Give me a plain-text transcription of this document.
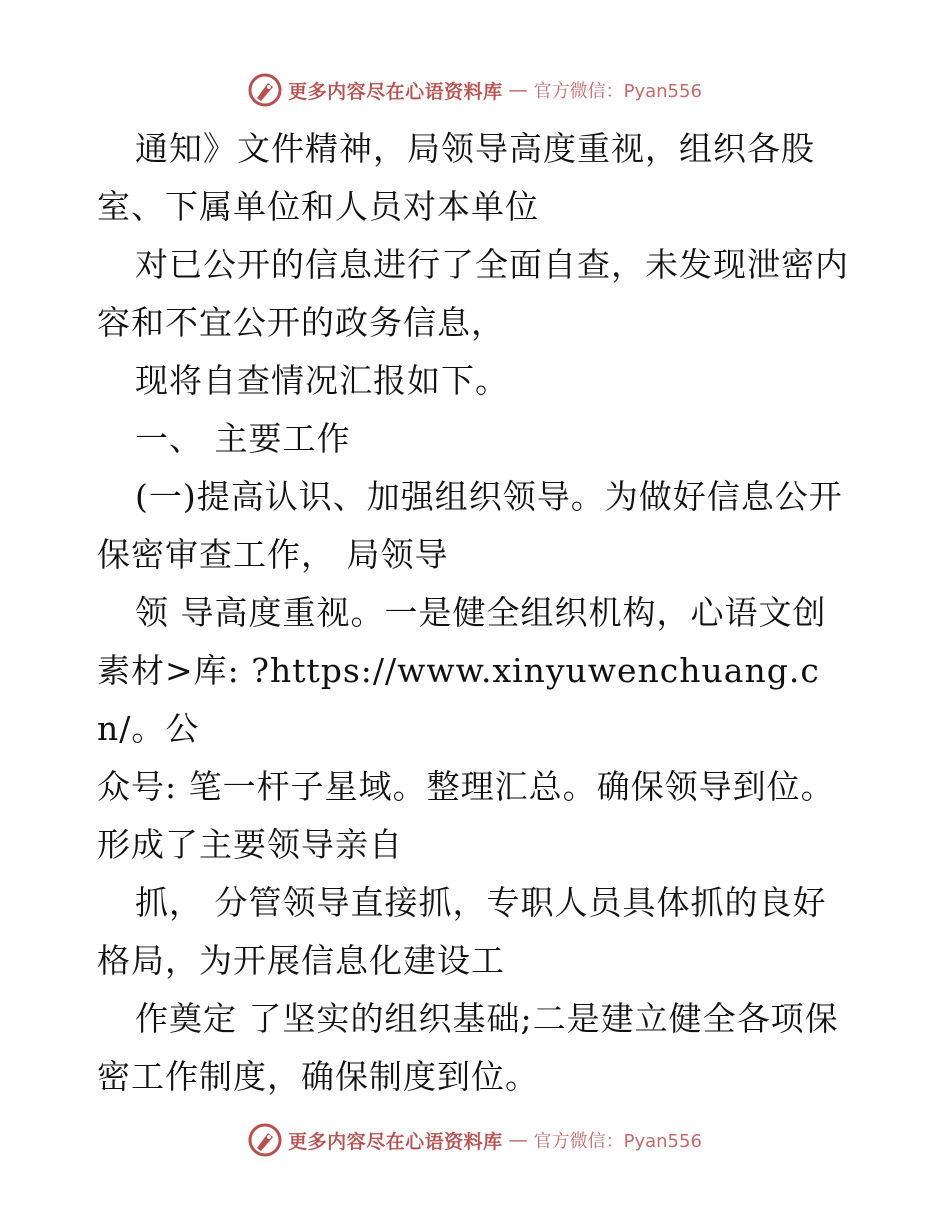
更多内容尽在心语资料库 — 官方微信：Pyan556

通知》文件精神，局领导高度重视，组织各股

室、下属单位和人员对本单位

对已公开的信息进行了全面自查，未发现泄密内

容和不宜公开的政务信息，

现将自查情况汇报如下。

一、 主要工作

(一)提高认识、加强组织领导。为做好信息公开

保密审查工作， 局领导

领 导高度重视。一是健全组织机构，心语文创

素材>库: ?https://www.xinyuwenchuang.cn/。公

众号: 笔一杆子星域。整理汇总。确保领导到位。

形成了主要领导亲自

抓， 分管领导直接抓，专职人员具体抓的良好

格局，为开展信息化建设工

作奠定 了坚实的组织基础;二是建立健全各项保

密工作制度，确保制度到位。

更多内容尽在心语资料库 — 官方微信：Pyan556
